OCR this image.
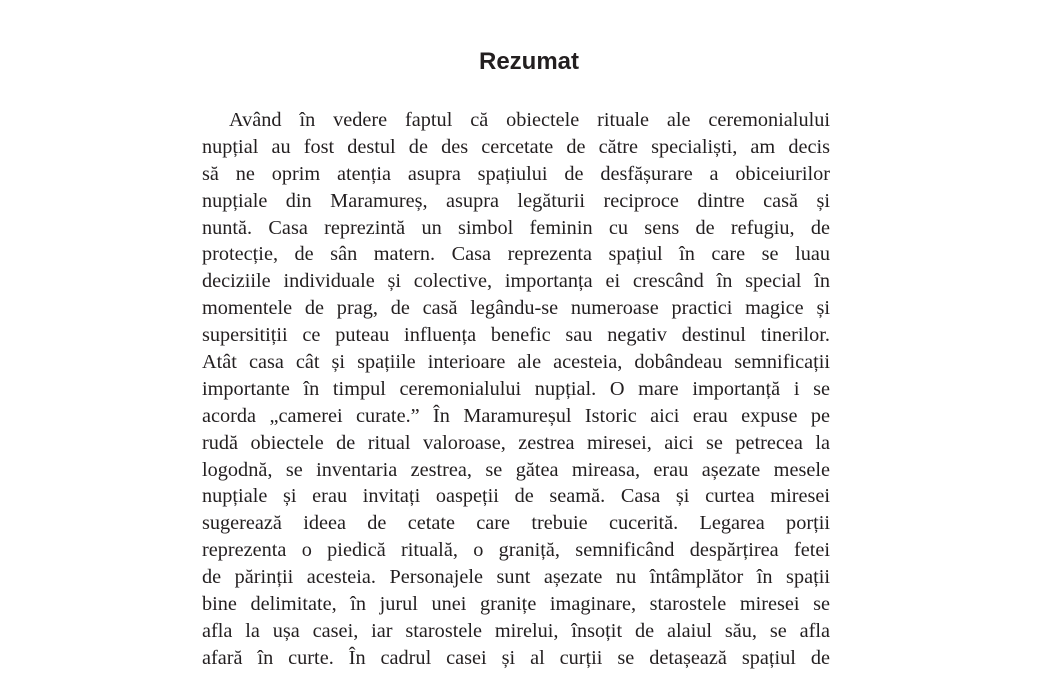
Rezumat
Având în vedere faptul că obiectele rituale ale ceremonialului
nupțial au fost destul de des cercetate de către specialiști, am decis
să ne oprim atenția asupra spațiului de desfășurare a obiceiurilor
nupțiale din Maramureș, asupra legăturii reciproce dintre casă și
nuntă. Casa reprezintă un simbol feminin cu sens de refugiu, de
protecție, de sân matern. Casa reprezenta spațiul în care se luau
deciziile individuale și colective, importanța ei crescând în special în
momentele de prag, de casă legându-se numeroase practici magice și
supersitiții ce puteau influența benefic sau negativ destinul tinerilor.
Atât casa cât și spațiile interioare ale acesteia, dobândeau semnificații
importante în timpul ceremonialului nupțial. O mare importanță i se
acorda „camerei curate.” În Maramureșul Istoric aici erau expuse pe
rudă obiectele de ritual valoroase, zestrea miresei, aici se petrecea la
logodnă, se inventaria zestrea, se gătea mireasa, erau așezate mesele
nupțiale și erau invitați oaspeții de seamă. Casa și curtea miresei
sugerează ideea de cetate care trebuie cucerită. Legarea porții
reprezenta o piedică rituală, o graniță, semnificând despărțirea fetei
de părinții acesteia. Personajele sunt așezate nu întâmplător în spații
bine delimitate, în jurul unei granițe imaginare, starostele miresei se
afla la ușa casei, iar starostele mirelui, însoțit de alaiul său, se afla
afară în curte. În cadrul casei și al curții se detașează spațiul de
